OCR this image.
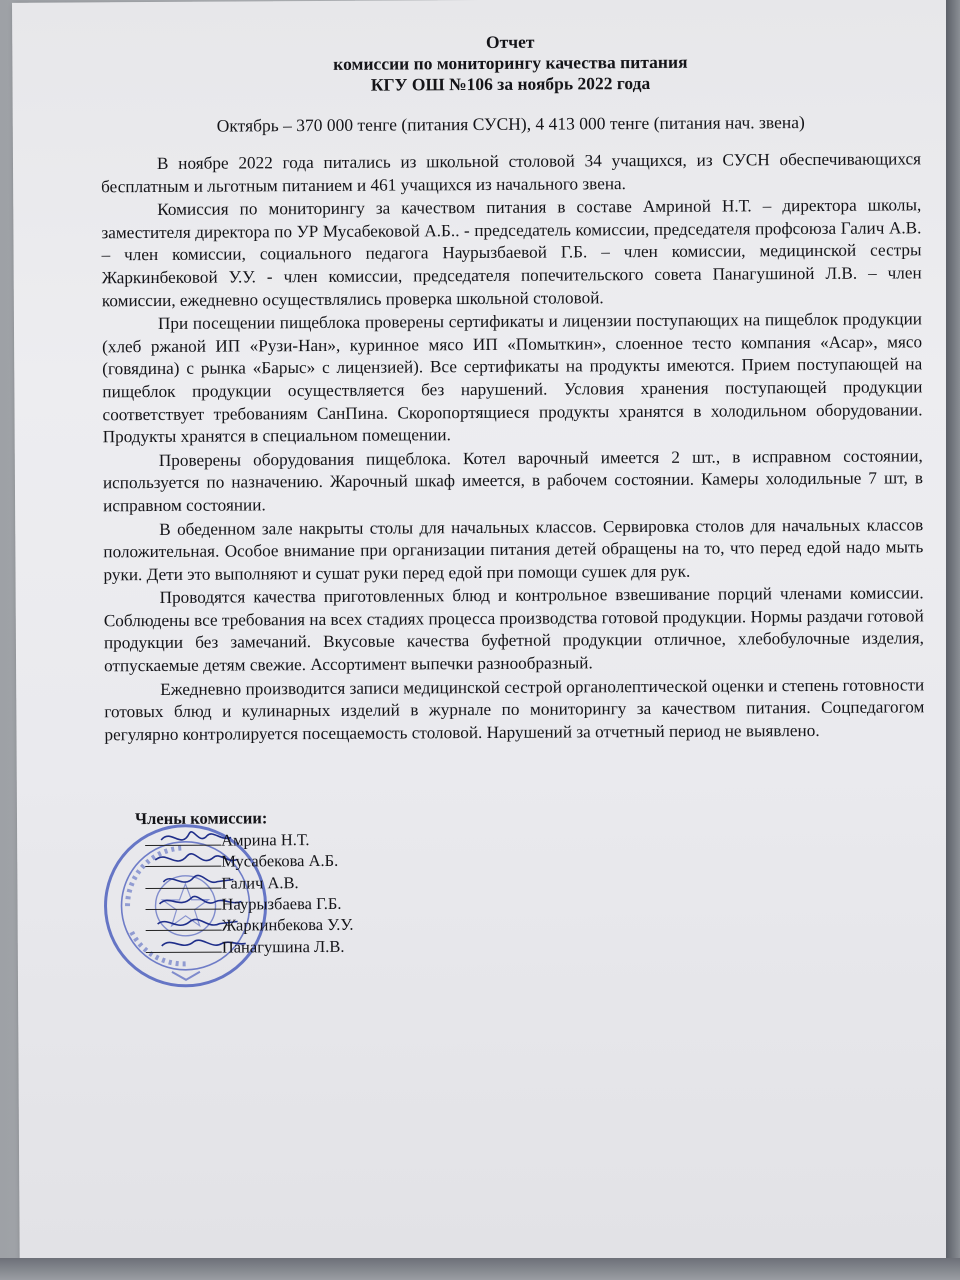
Отчет
комиссии по мониторингу качества питания
КГУ ОШ №106 за ноябрь 2022 года
Октябрь – 370 000 тенге (питания СУСН), 4 413 000 тенге (питания нач. звена)

В ноябре 2022 года питались из школьной столовой 34 учащихся, из СУСН обеспечивающихся бесплатным и льготным питанием и 461 учащихся из начального звена.

Комиссия по мониторингу за качеством питания в составе Амриной Н.Т. – директора школы, заместителя директора по УР Мусабековой А.Б.. - председатель комиссии, председателя профсоюза Галич А.В. – член комиссии, социального педагога Наурызбаевой Г.Б. – член комиссии, медицинской сестры Жаркинбековой У.У. - член комиссии, председателя попечительского совета Панагушиной Л.В. – член комиссии, ежедневно осуществлялись проверка школьной столовой.

При посещении пищеблока проверены сертификаты и лицензии поступающих на пищеблок продукции (хлеб ржаной ИП «Рузи-Нан», куринное мясо ИП «Помыткин», слоенное тесто компания «Асар», мясо (говядина) с рынка «Барыс» с лицензией). Все сертификаты на продукты имеются. Прием поступающей на пищеблок продукции осуществляется без нарушений. Условия хранения поступающей продукции соответствует требованиям СанПина. Скоропортящиеся продукты хранятся в холодильном оборудовании. Продукты хранятся в специальном помещении.

Проверены оборудования пищеблока. Котел варочный имеется 2 шт., в исправном состоянии, используется по назначению. Жарочный шкаф имеется, в рабочем состоянии. Камеры холодильные 7 шт, в исправном состоянии.

В обеденном зале накрыты столы для начальных классов. Сервировка столов для начальных классов положительная. Особое внимание при организации питания детей обращены на то, что перед едой надо мыть руки. Дети это выполняют и сушат руки перед едой при помощи сушек для рук.

Проводятся качества приготовленных блюд и контрольное взвешивание порций членами комиссии. Соблюдены все требования на всех стадиях процесса производства готовой продукции. Нормы раздачи готовой продукции без замечаний. Вкусовые качества буфетной продукции отличное, хлебобулочные изделия, отпускаемые детям свежие. Ассортимент выпечки разнообразный.

Ежедневно производится записи медицинской сестрой органолептической оценки и степень готовности готовых блюд и кулинарных изделий в журнале по мониторингу за качеством питания. Соцпедагогом регулярно контролируется посещаемость столовой. Нарушений за отчетный период не выявлено.

Члены комиссии:
Амрина Н.Т.
Мусабекова А.Б.
Галич А.В.
Наурызбаева Г.Б.
Жаркинбекова У.У.
Панагушина Л.В.
